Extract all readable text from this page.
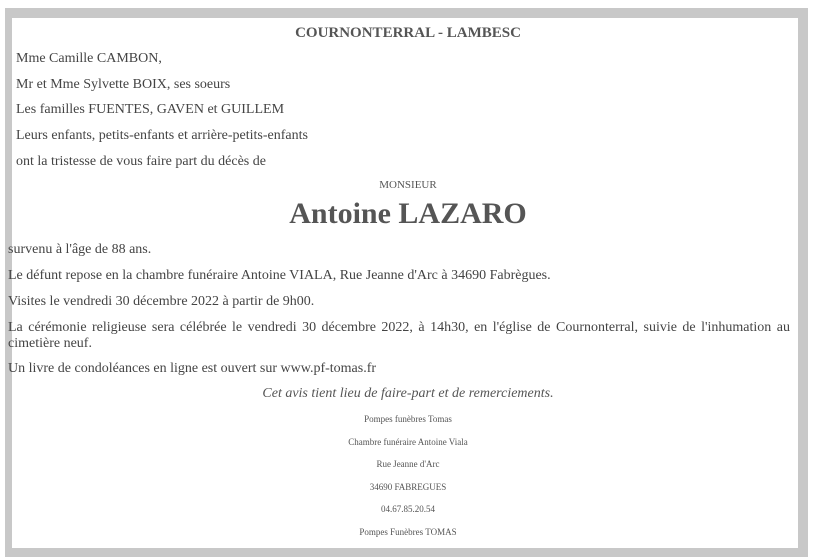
COURNONTERRAL - LAMBESC
Mme Camille CAMBON,
Mr et Mme Sylvette BOIX, ses soeurs
Les familles FUENTES, GAVEN et GUILLEM
Leurs enfants, petits-enfants et arrière-petits-enfants
ont la tristesse de vous faire part du décès de
MONSIEUR
Antoine LAZARO
survenu à l'âge de 88 ans.
Le défunt repose en la chambre funéraire Antoine VIALA, Rue Jeanne d'Arc à 34690 Fabrègues.
Visites le vendredi 30 décembre 2022 à partir de 9h00.
La cérémonie religieuse sera célébrée le vendredi 30 décembre 2022, à 14h30, en l'église de Cournonterral, suivie de l'inhumation au cimetière neuf.
Un livre de condoléances en ligne est ouvert sur www.pf-tomas.fr
Cet avis tient lieu de faire-part et de remerciements.
Pompes funèbres Tomas
Chambre funéraire Antoine Viala
Rue Jeanne d'Arc
34690 FABREGUES
04.67.85.20.54
Pompes Funèbres TOMAS
